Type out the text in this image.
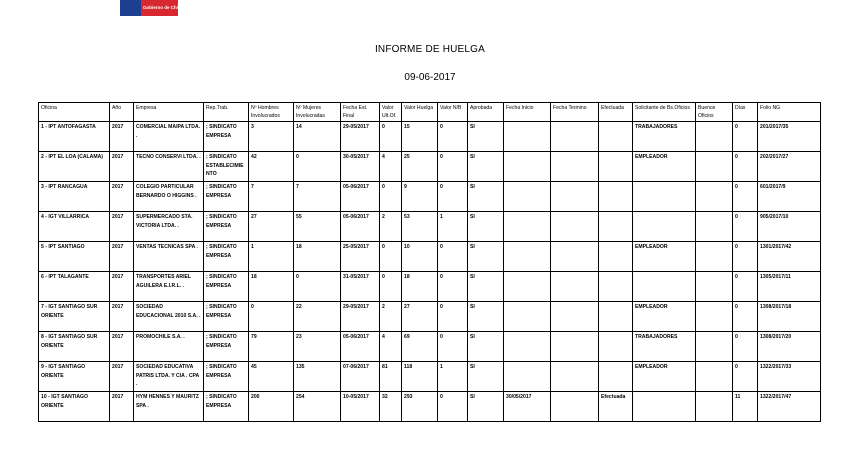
Gobierno de Chile
INFORME DE HUELGA
09-06-2017
Oficina	Año	Empresa	Rep.Trab.	Nº Hombres Involucrados	Nº Mujeres Involucradas	Fecha Est. Final	Valor Ult.Of.	Valor Huelga	Valor N/B	Aprobada	Fecha Inicio	Fecha Termino	Efectuada	Solicitante de Bs.Oficios	Buenos Oficios	Días	Folio NG
1 - IPT ANTOFAGASTA	2017	COMERCIAL MAIPA LTDA. .	; SINDICATO EMPRESA	3	14	29-05/2017	0	15	0	SI				TRABAJADORES		0	201/2017/35
2 - IPT EL LOA (CALAMA)	2017	TECNO CONSERVI LTDA. .	; SINDICATO ESTABLECIMIENTO	42	0	30-05/2017	4	25	0	SI				EMPLEADOR		0	202/2017/27
3 - IPT RANCAGUA	2017	COLEGIO PARTICULAR BERNARDO O HIGGINS .	; SINDICATO EMPRESA	7	7	05-06/2017	0	9	0	SI						0	601/2017/9
4 - IGT VILLARRICA	2017	SUPERMERCADO STA. VICTORIA LTDA. .	; SINDICATO EMPRESA	27	55	05-06/2017	2	53	1	SI						0	905/2017/10
5 - IPT SANTIAGO	2017	VENTAS TECNICAS SPA .	; SINDICATO EMPRESA	1	18	25-05/2017	0	10	0	SI				EMPLEADOR		0	1301/2017/42
6 - IPT TALAGANTE	2017	TRANSPORTES ARIEL AGUILERA E.I.R.L. .	; SINDICATO EMPRESA	18	0	31-05/2017	0	18	0	SI						0	1305/2017/11
7 - IGT SANTIAGO SUR ORIENTE	2017	SOCIEDAD EDUCACIONAL 2010 S.A. .	; SINDICATO EMPRESA	0	22	29-05/2017	2	27	0	SI				EMPLEADOR		0	1308/2017/18
8 - IGT SANTIAGO SUR ORIENTE	2017	PROMOCHILE S.A. .	; SINDICATO EMPRESA	79	23	05-06/2017	4	69	0	SI				TRABAJADORES		0	1308/2017/20
9 - IGT SANTIAGO ORIENTE	2017	SOCIEDAD EDUCATIVA PATRIS LTDA. Y CIA . CPA .	; SINDICATO EMPRESA	45	135	07-06/2017	81	118	1	SI				EMPLEADOR		0	1322/2017/33
10 - IGT SANTIAGO ORIENTE	2017	HYM HENNES Y MAURITZ SPA .	; SINDICATO EMPRESA	200	254	10-05/2017	32	293	0	SI	30/05/2017		Efectuada			11	1322/2017/47
